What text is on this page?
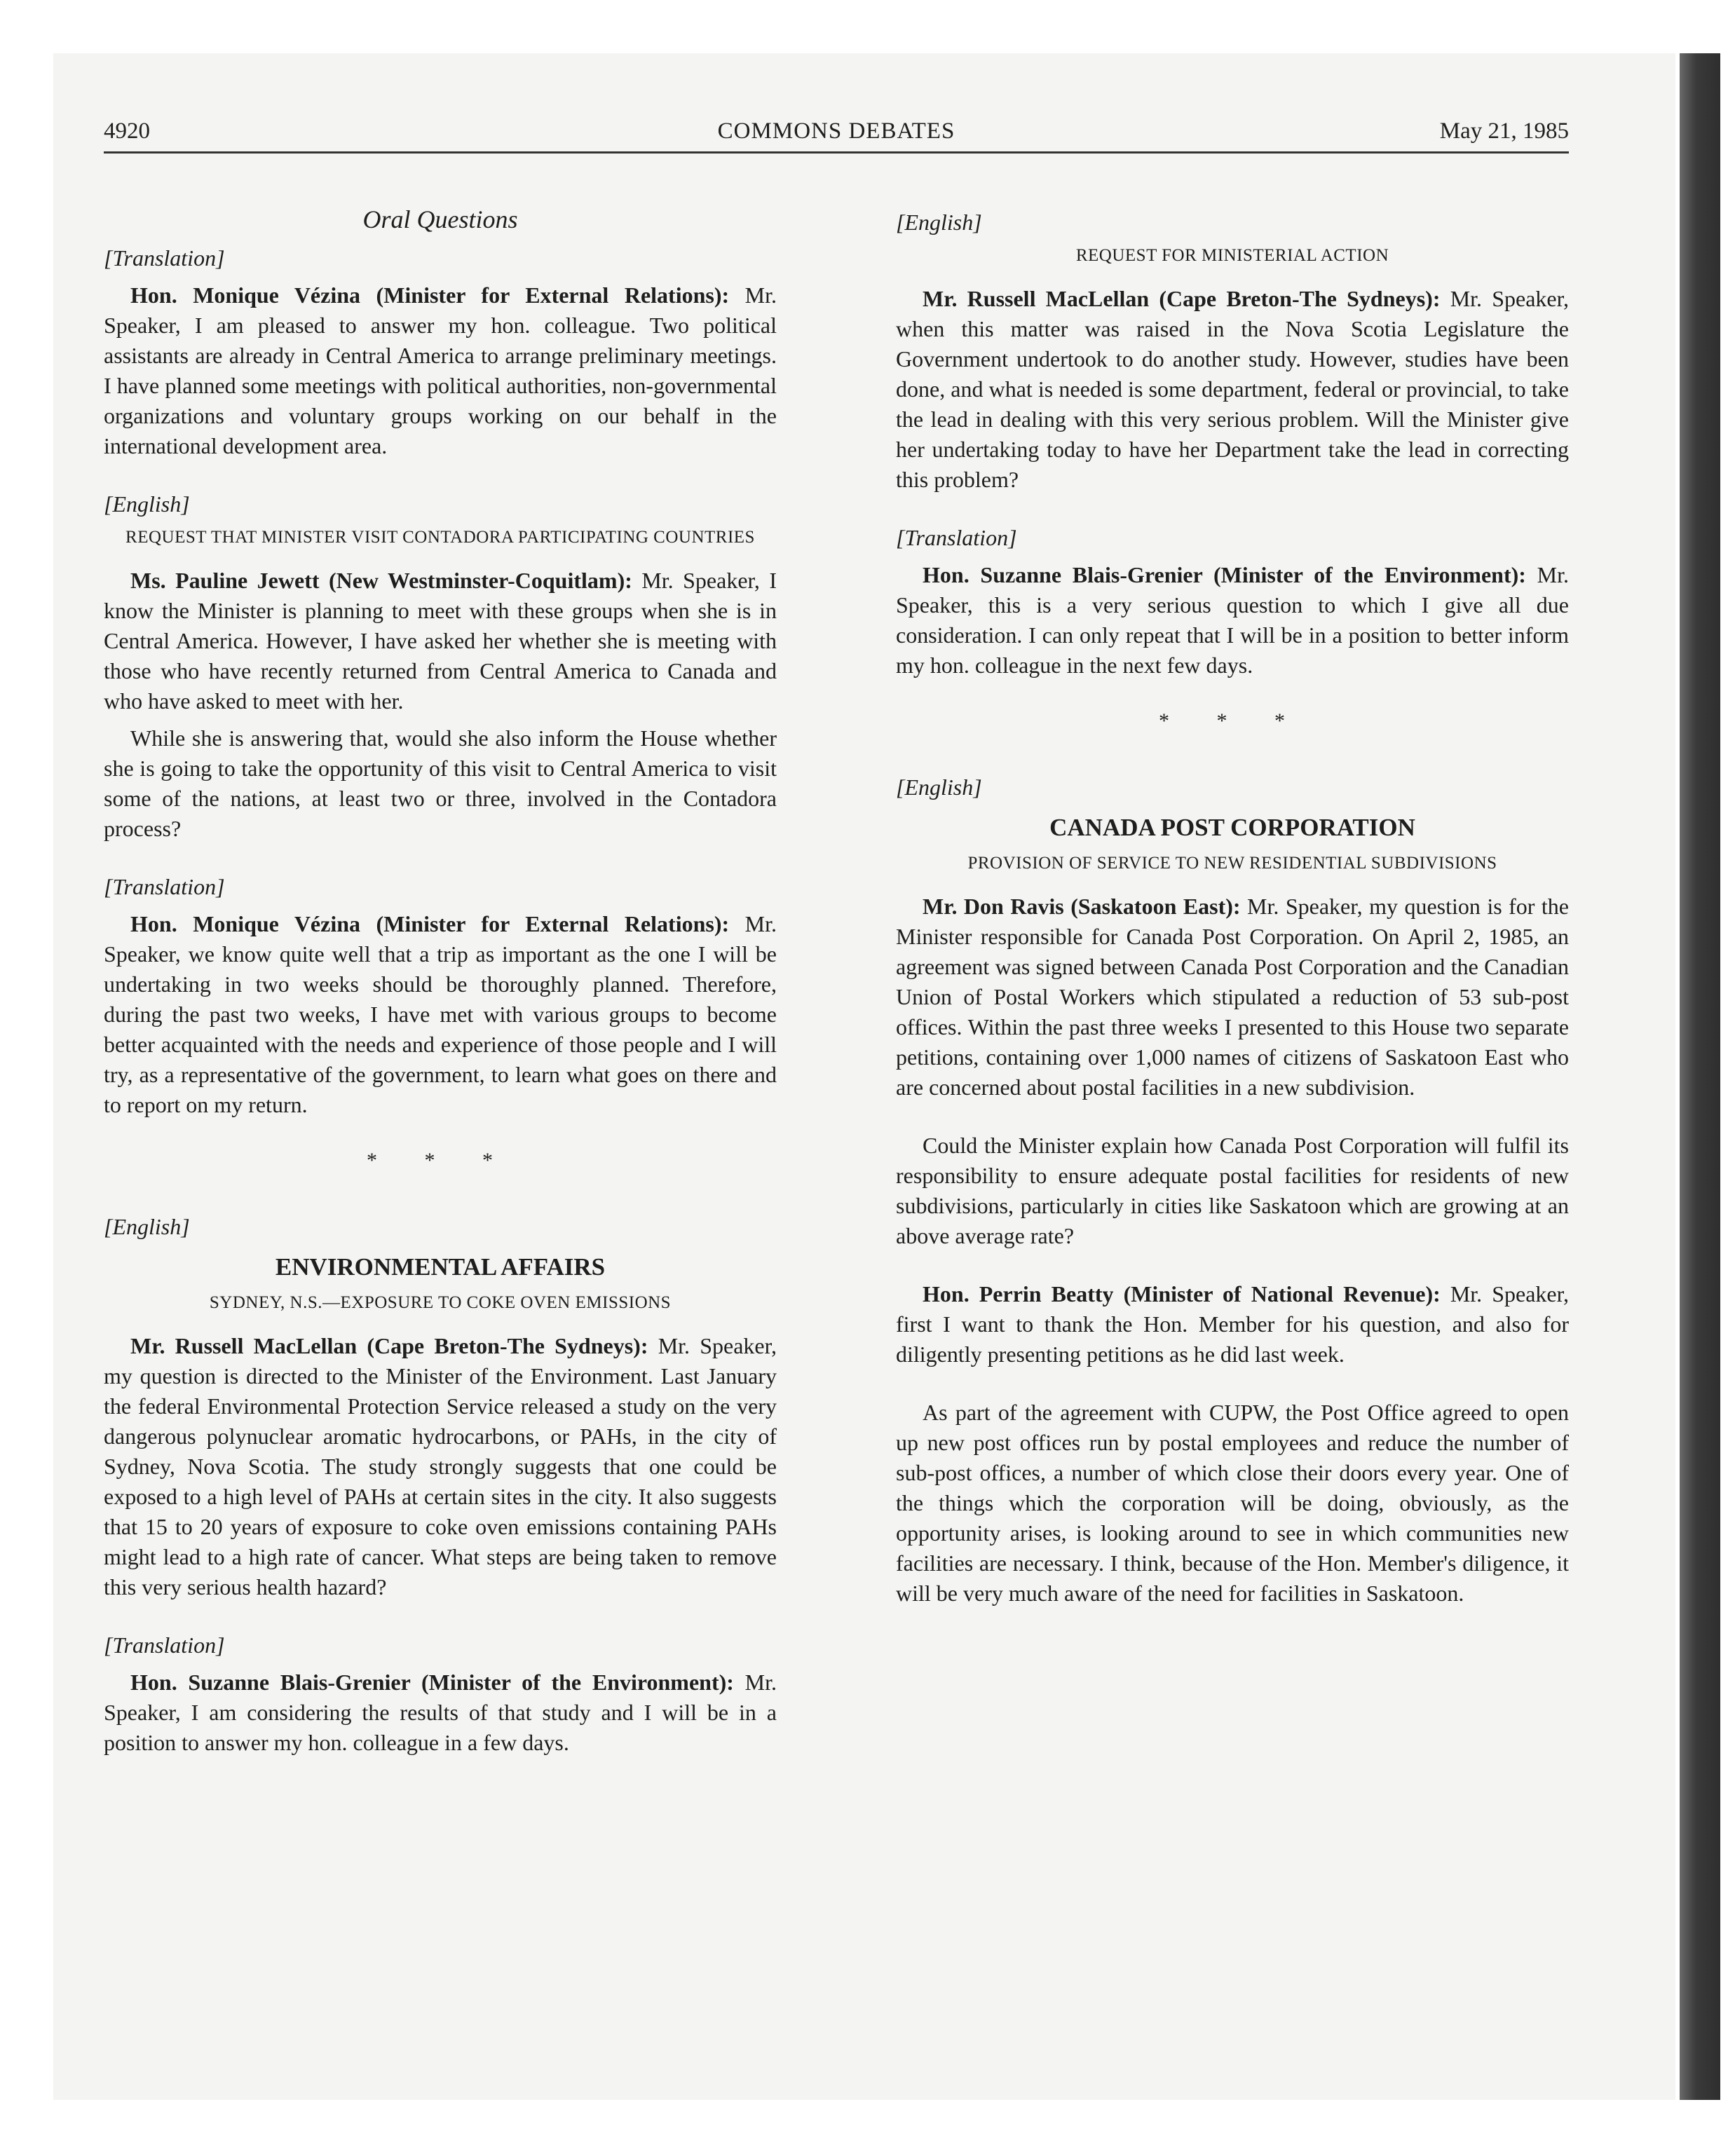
4920	COMMONS DEBATES	May 21, 1985
Oral Questions
[Translation]

Hon. Monique Vézina (Minister for External Relations): Mr. Speaker, I am pleased to answer my hon. colleague. Two political assistants are already in Central America to arrange preliminary meetings. I have planned some meetings with political authorities, non-governmental organizations and voluntary groups working on our behalf in the international development area.

[English]
REQUEST THAT MINISTER VISIT CONTADORA PARTICIPATING COUNTRIES

Ms. Pauline Jewett (New Westminster-Coquitlam): Mr. Speaker, I know the Minister is planning to meet with these groups when she is in Central America. However, I have asked her whether she is meeting with those who have recently returned from Central America to Canada and who have asked to meet with her.

While she is answering that, would she also inform the House whether she is going to take the opportunity of this visit to Central America to visit some of the nations, at least two or three, involved in the Contadora process?

[Translation]

Hon. Monique Vézina (Minister for External Relations): Mr. Speaker, we know quite well that a trip as important as the one I will be undertaking in two weeks should be thoroughly planned. Therefore, during the past two weeks, I have met with various groups to become better acquainted with the needs and experience of those people and I will try, as a representative of the government, to learn what goes on there and to report on my return.

* * *
[English]
ENVIRONMENTAL AFFAIRS
SYDNEY, N.S.—EXPOSURE TO COKE OVEN EMISSIONS

Mr. Russell MacLellan (Cape Breton-The Sydneys): Mr. Speaker, my question is directed to the Minister of the Environment. Last January the federal Environmental Protection Service released a study on the very dangerous polynuclear aromatic hydrocarbons, or PAHs, in the city of Sydney, Nova Scotia. The study strongly suggests that one could be exposed to a high level of PAHs at certain sites in the city. It also suggests that 15 to 20 years of exposure to coke oven emissions containing PAHs might lead to a high rate of cancer. What steps are being taken to remove this very serious health hazard?

[Translation]

Hon. Suzanne Blais-Grenier (Minister of the Environment): Mr. Speaker, I am considering the results of that study and I will be in a position to answer my hon. colleague in a few days.

[English]
REQUEST FOR MINISTERIAL ACTION

Mr. Russell MacLellan (Cape Breton-The Sydneys): Mr. Speaker, when this matter was raised in the Nova Scotia Legislature the Government undertook to do another study. However, studies have been done, and what is needed is some department, federal or provincial, to take the lead in dealing with this very serious problem. Will the Minister give her undertaking today to have her Department take the lead in correcting this problem?

[Translation]

Hon. Suzanne Blais-Grenier (Minister of the Environment): Mr. Speaker, this is a very serious question to which I give all due consideration. I can only repeat that I will be in a position to better inform my hon. colleague in the next few days.

* * *
[English]
CANADA POST CORPORATION
PROVISION OF SERVICE TO NEW RESIDENTIAL SUBDIVISIONS

Mr. Don Ravis (Saskatoon East): Mr. Speaker, my question is for the Minister responsible for Canada Post Corporation. On April 2, 1985, an agreement was signed between Canada Post Corporation and the Canadian Union of Postal Workers which stipulated a reduction of 53 sub-post offices. Within the past three weeks I presented to this House two separate petitions, containing over 1,000 names of citizens of Saskatoon East who are concerned about postal facilities in a new subdivision.

Could the Minister explain how Canada Post Corporation will fulfil its responsibility to ensure adequate postal facilities for residents of new subdivisions, particularly in cities like Saskatoon which are growing at an above average rate?

Hon. Perrin Beatty (Minister of National Revenue): Mr. Speaker, first I want to thank the Hon. Member for his question, and also for diligently presenting petitions as he did last week.

As part of the agreement with CUPW, the Post Office agreed to open up new post offices run by postal employees and reduce the number of sub-post offices, a number of which close their doors every year. One of the things which the corporation will be doing, obviously, as the opportunity arises, is looking around to see in which communities new facilities are necessary. I think, because of the Hon. Member's diligence, it will be very much aware of the need for facilities in Saskatoon.
